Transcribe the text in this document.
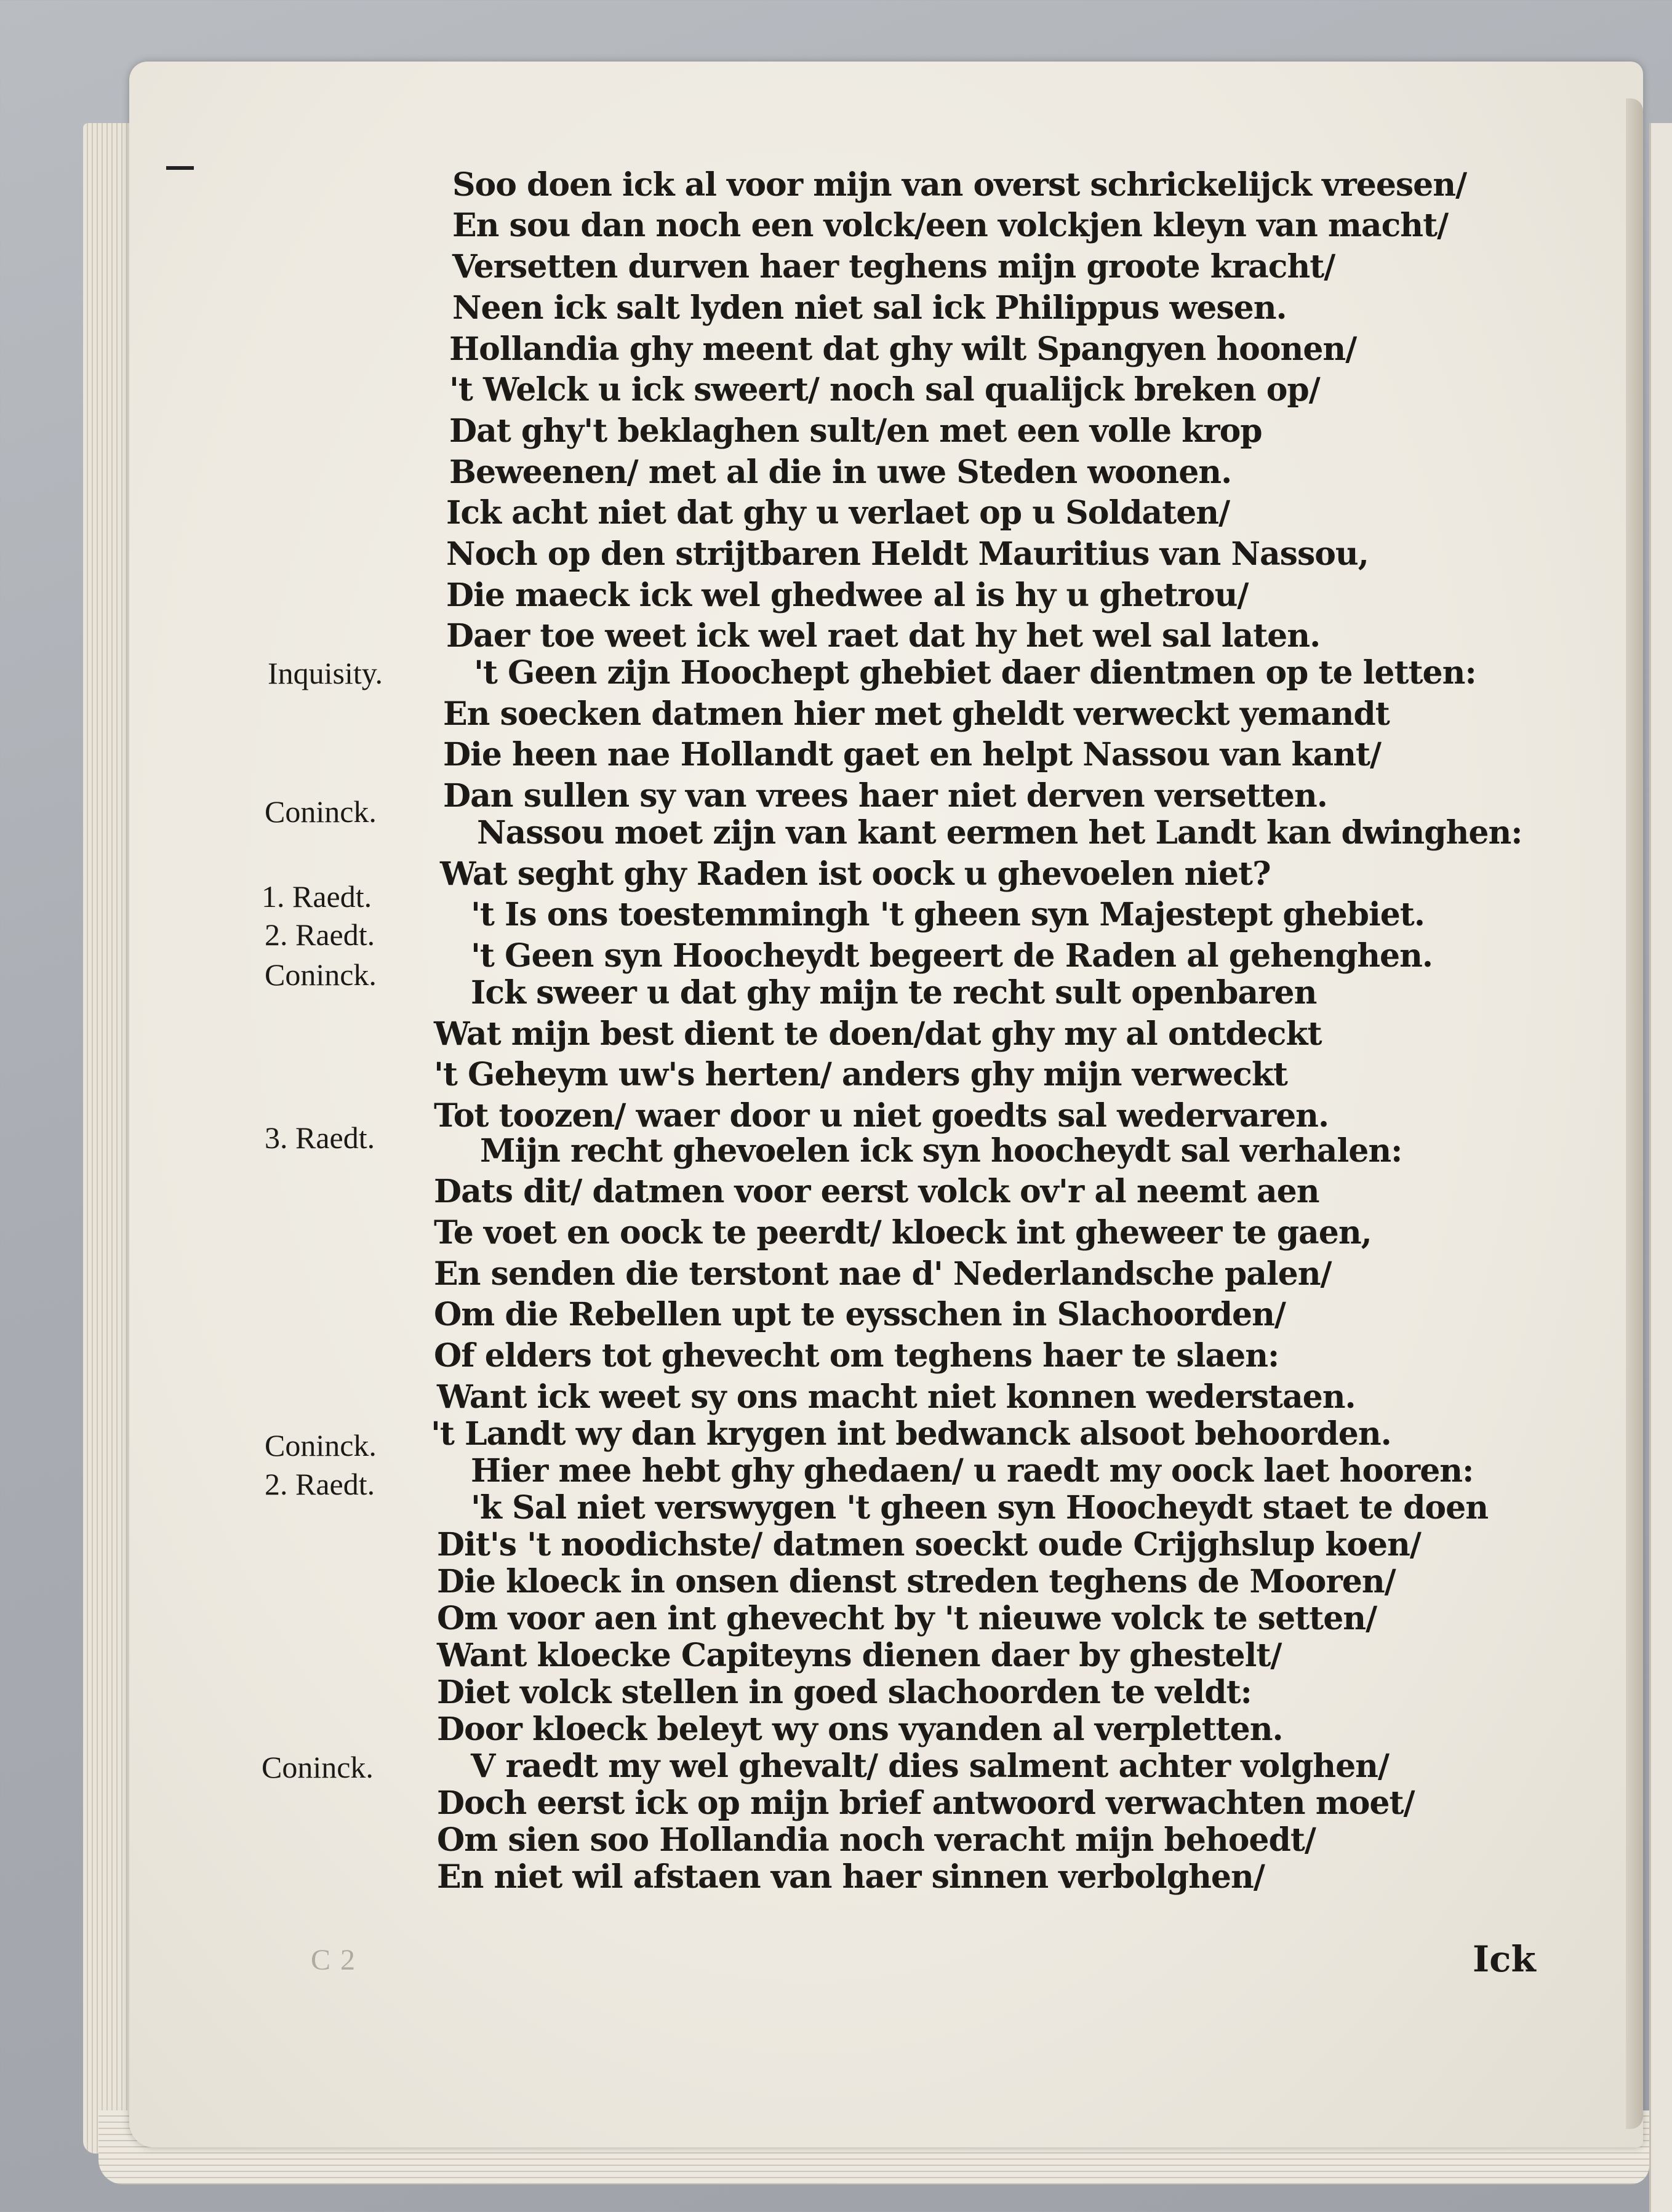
Soo doen ick al voor mijn van overst schrickelijck vreesen/
En sou dan noch een volck/een volckjen kleyn van macht/
Versetten durven haer teghens mijn groote kracht/
Neen ick salt lyden niet sal ick Philippus wesen.
Hollandia ghy meent dat ghy wilt Spangyen hoonen/
't Welck u ick sweert/ noch sal qualijck breken op/
Dat ghy't beklaghen sult/en met een volle krop
Beweenen/ met al die in uwe Steden woonen.
Ick acht niet dat ghy u verlaet op u Soldaten/
Noch op den strijtbaren Heldt Mauritius van Nassou,
Die maeck ick wel ghedwee al is hy u ghetrou/
Daer toe weet ick wel raet dat hy het wel sal laten.
't Geen zijn Hoochept ghebiet daer dientmen op te letten:
En soecken datmen hier met gheldt verweckt yemandt
Die heen nae Hollandt gaet en helpt Nassou van kant/
Dan sullen sy van vrees haer niet derven versetten.
Nassou moet zijn van kant eermen het Landt kan dwinghen:
Wat seght ghy Raden ist oock u ghevoelen niet?
't Is ons toestemmingh 't gheen syn Majestept ghebiet.
't Geen syn Hoocheydt begeert de Raden al gehenghen.
Ick sweer u dat ghy mijn te recht sult openbaren
Wat mijn best dient te doen/dat ghy my al ontdeckt
't Geheym uw's herten/ anders ghy mijn verweckt
Tot toozen/ waer door u niet goedts sal wedervaren.
Mijn recht ghevoelen ick syn hoocheydt sal verhalen:
Dats dit/ datmen voor eerst volck ov'r al neemt aen
Te voet en oock te peerdt/ kloeck int gheweer te gaen,
En senden die terstont nae d' Nederlandsche palen/
Om die Rebellen upt te eysschen in Slachoorden/
Of elders tot ghevecht om teghens haer te slaen:
Want ick weet sy ons macht niet konnen wederstaen.
't Landt wy dan krygen int bedwanck alsoot behoorden.
Hier mee hebt ghy ghedaen/ u raedt my oock laet hooren:
'k Sal niet verswygen 't gheen syn Hoocheydt staet te doen
Dit's 't noodichste/ datmen soeckt oude Crijghslup koen/
Die kloeck in onsen dienst streden teghens de Mooren/
Om voor aen int ghevecht by 't nieuwe volck te setten/
Want kloecke Capiteyns dienen daer by ghestelt/
Diet volck stellen in goed slachoorden te veldt:
Door kloeck beleyt wy ons vyanden al verpletten.
V raedt my wel ghevalt/ dies salment achter volghen/
Doch eerst ick op mijn brief antwoord verwachten moet/
Om sien soo Hollandia noch veracht mijn behoedt/
En niet wil afstaen van haer sinnen verbolghen/
Inquisity.
Coninck.
1. Raedt.
2. Raedt.
Coninck.
3. Raedt.
Coninck.
2. Raedt.
Coninck.
C 2	Ick
